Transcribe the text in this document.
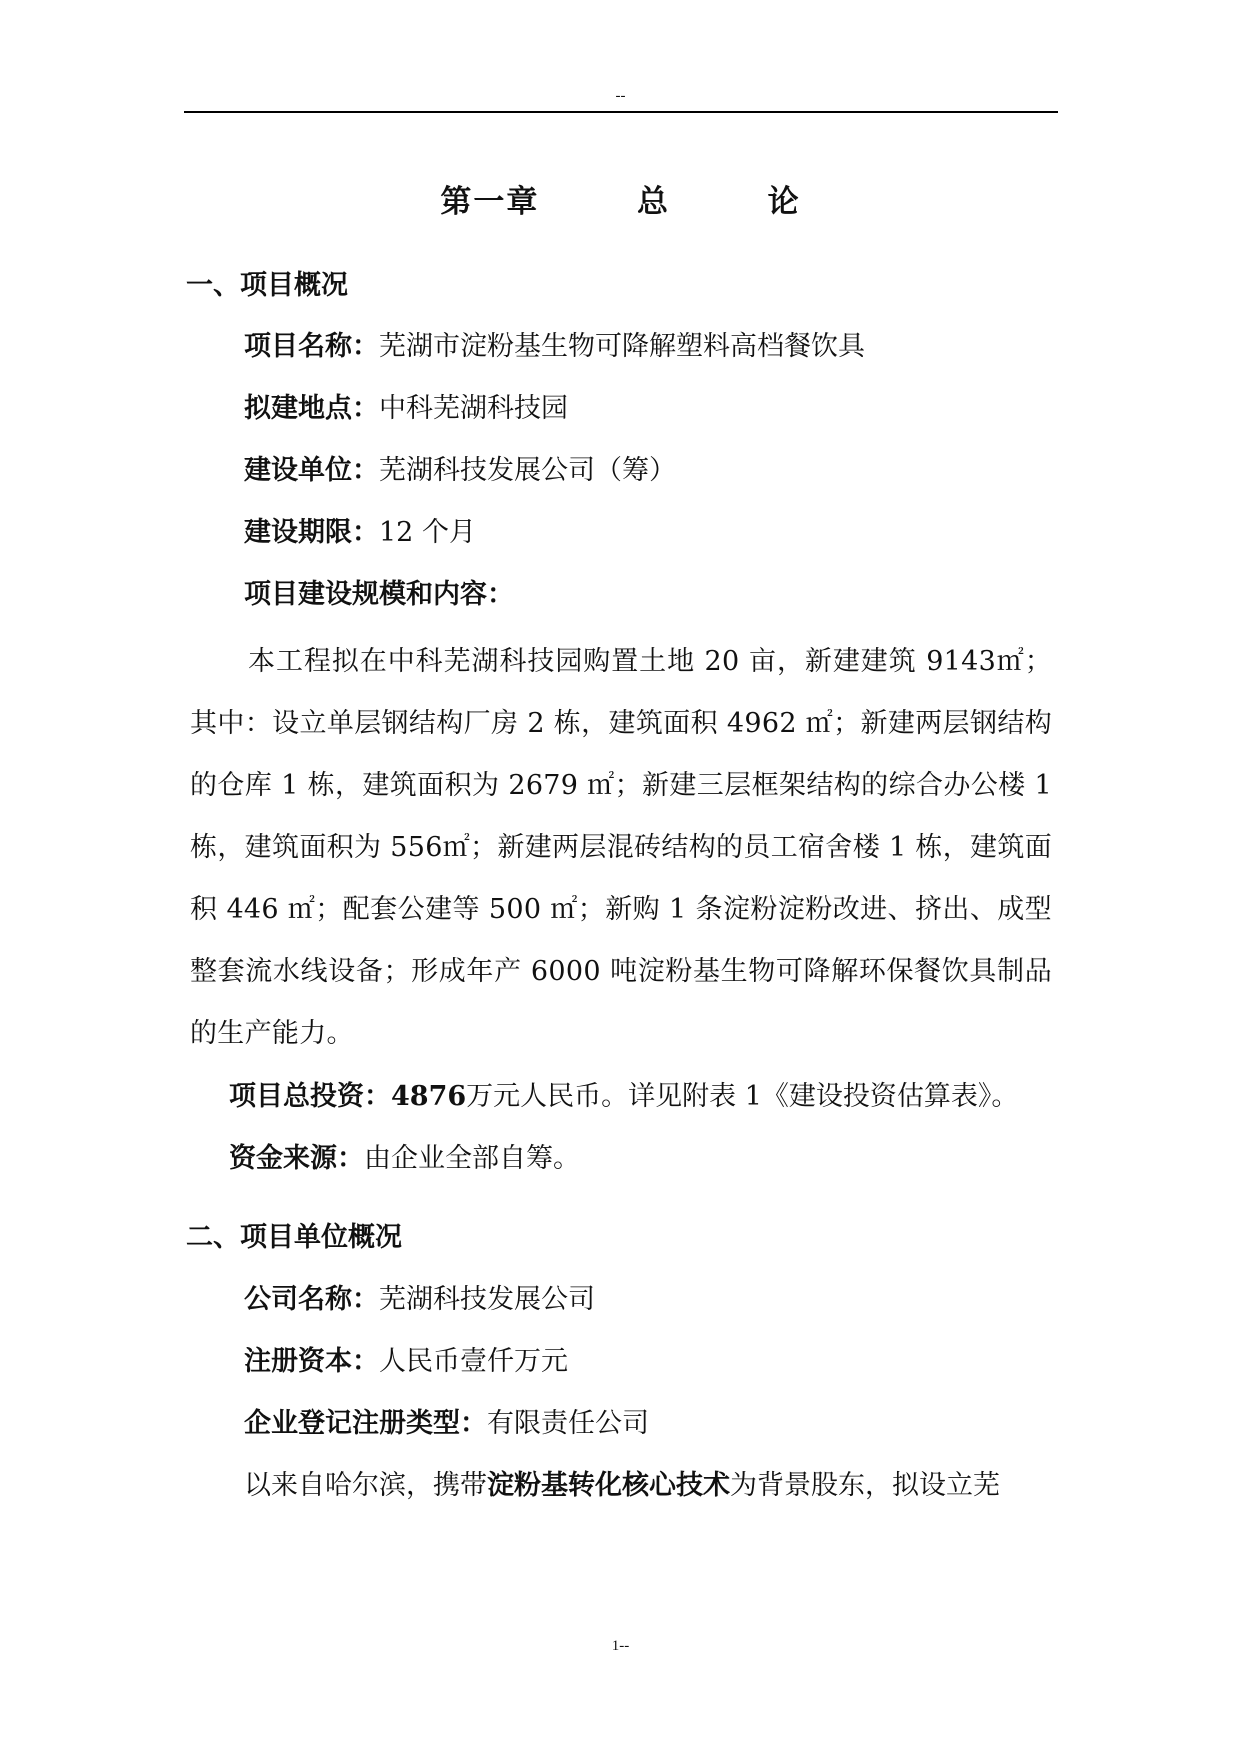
--
第一章	总	论
一、项目概况
项目名称：芜湖市淀粉基生物可降解塑料高档餐饮具
拟建地点：中科芜湖科技园
建设单位：芜湖科技发展公司（筹）
建设期限：12 个月
项目建设规模和内容：
本工程拟在中科芜湖科技园购置土地 20 亩，新建建筑 9143㎡；其中：设立单层钢结构厂房 2 栋，建筑面积 4962 ㎡；新建两层钢结构的仓库 1 栋，建筑面积为 2679 ㎡；新建三层框架结构的综合办公楼 1 栋，建筑面积为 556㎡；新建两层混砖结构的员工宿舍楼 1 栋，建筑面积 446 ㎡；配套公建等 500 ㎡；新购 1 条淀粉淀粉改进、挤出、成型整套流水线设备；形成年产 6000 吨淀粉基生物可降解环保餐饮具制品的生产能力。
项目总投资：4876万元人民币。详见附表 1《建设投资估算表》。
资金来源：由企业全部自筹。
二、项目单位概况
公司名称：芜湖科技发展公司
注册资本：人民币壹仟万元
企业登记注册类型：有限责任公司
以来自哈尔滨，携带淀粉基转化核心技术为背景股东，拟设立芜
1--
